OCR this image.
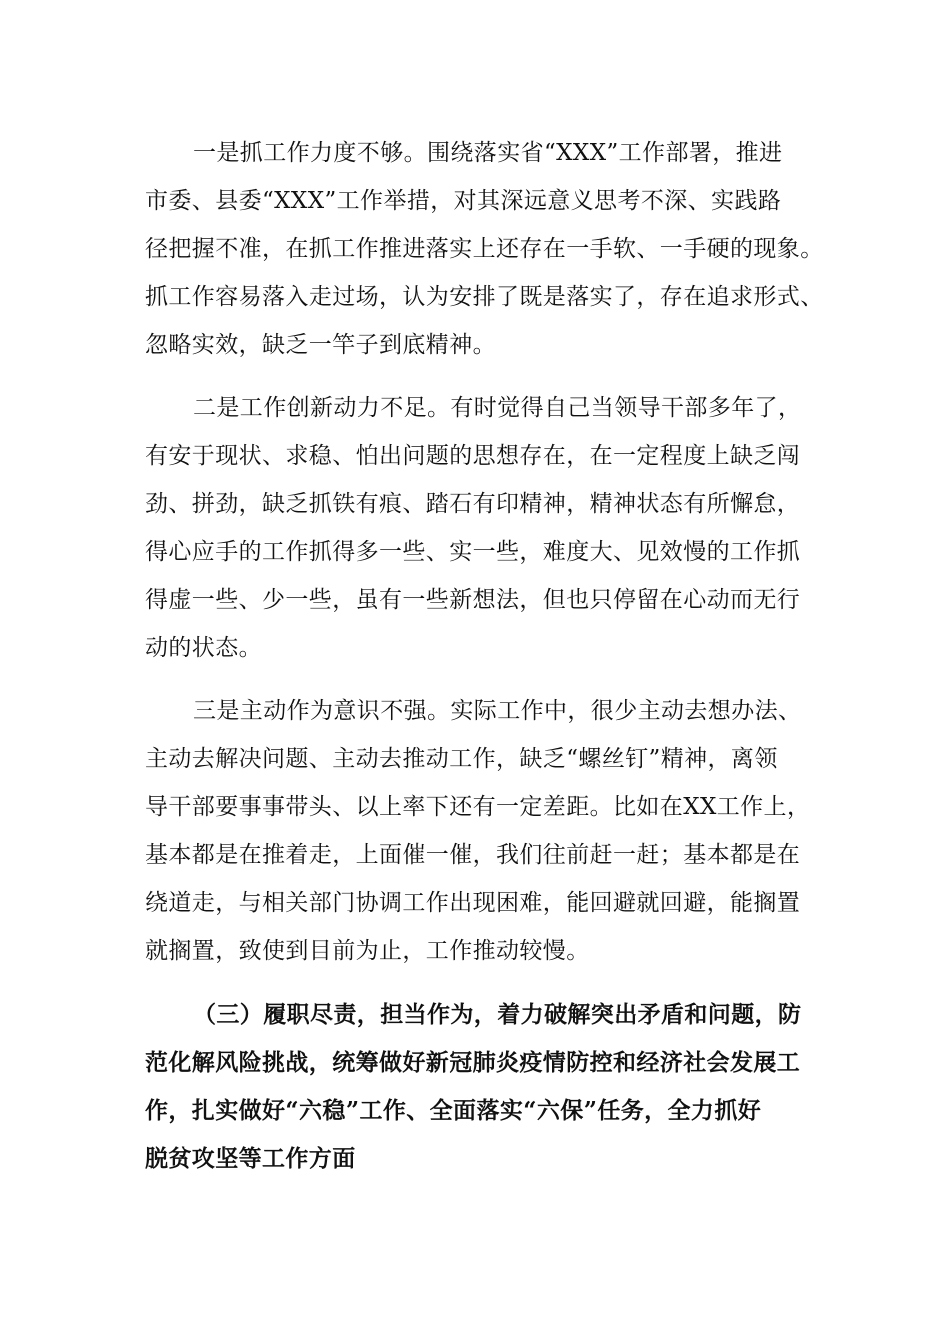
一是抓工作力度不够。围绕落实省“XXX”工作部署，推进
市委、县委“XXX”工作举措，对其深远意义思考不深、实践路
径把握不准，在抓工作推进落实上还存在一手软、一手硬的现象。
抓工作容易落入走过场，认为安排了既是落实了，存在追求形式、
忽略实效，缺乏一竿子到底精神。
二是工作创新动力不足。有时觉得自己当领导干部多年了，
有安于现状、求稳、怕出问题的思想存在，在一定程度上缺乏闯
劲、拼劲，缺乏抓铁有痕、踏石有印精神，精神状态有所懈怠，
得心应手的工作抓得多一些、实一些，难度大、见效慢的工作抓
得虚一些、少一些，虽有一些新想法，但也只停留在心动而无行
动的状态。
三是主动作为意识不强。实际工作中，很少主动去想办法、
主动去解决问题、主动去推动工作，缺乏“螺丝钉”精神，离领
导干部要事事带头、以上率下还有一定差距。比如在XX工作上，
基本都是在推着走，上面催一催，我们往前赶一赶；基本都是在
绕道走，与相关部门协调工作出现困难，能回避就回避，能搁置
就搁置，致使到目前为止，工作推动较慢。
（三）履职尽责，担当作为，着力破解突出矛盾和问题，防
范化解风险挑战，统筹做好新冠肺炎疫情防控和经济社会发展工
作，扎实做好“六稳”工作、全面落实“六保”任务，全力抓好
脱贫攻坚等工作方面
